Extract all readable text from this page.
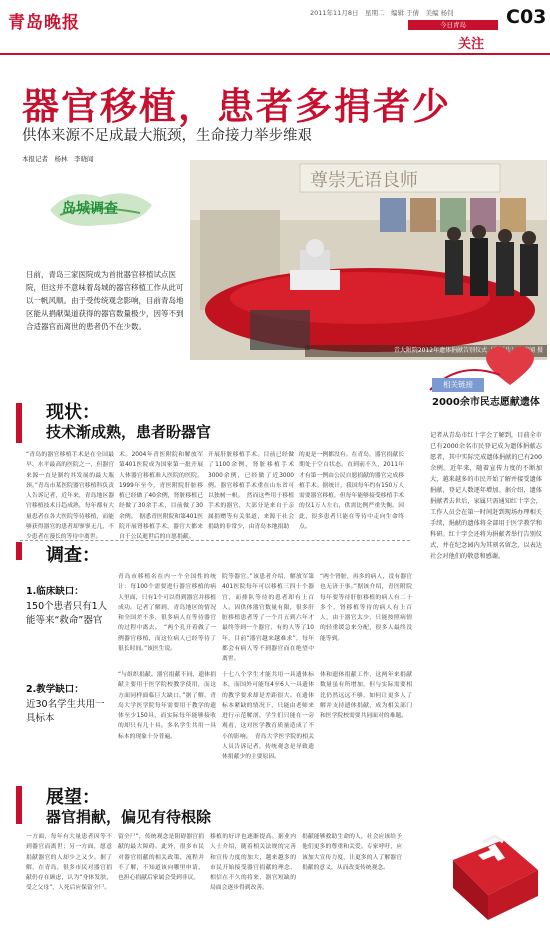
青岛晚报	2011年11月8日　星期二　编辑 于倩　美编 杨钊
今日青岛	C03
关注
器官移植，患者多捐者少
供体来源不足成最大瓶颈，生命接力举步维艰
本报记者　杨林　李晓闻
尊崇无语良师
青大附院2012年遗体捐献告别仪式（资料片）李晓闻 摄
岛城调查
日前，青岛三家医院成为首批器官移植试点医院，但这并不意味着岛城的器官移植工作从此可以一帆风顺。由于受传统观念影响，目前青岛地区能从捐献渠道获得的器官数量极少，因等不到合适器官而离世的患者仍不在少数。
现状：
技术渐成熟，患者盼器官
“青岛的器官移植手术是在全国最早、水平最高的医院之一，但器官来源一直是制约其发展的最大瓶颈。”青岛市某医院器官移植科负责人告诉记者，近年来，青岛地区器官移植技术日趋成熟，每年都有大量患者在各大医院等待移植，而能够获得器官的患者却寥寥无几，不少患者在漫长的等待中离世。
术。2004年青医附院和解放军第401医院成为国家第一批开展人体器官移植准入医院的医院。1999年至今，青医附院肝脏移植已经做了40余例，肾脏移植已经做了30余手术，目前做了30余例。　据悉青医附院和第401医院开展肾移植手术，器官大都来自于公民逝世后的自愿捐献。
开展肝脏移植手术。目前已经做了1100余例，肾脏移植手术3000余例，已经做了近3000例。器官移植手术重在山东省可以独树一帜。　然而这些用于移植手术的器官，大部分是来自于亲属捐赠等有关渠道，来源于社会捐助的非常少，由青岛本地捐助
的更是一例都没有。在青岛，器官捐献长期处于空白状态。直到前不久，2011年才有第一例由公民自愿捐献的器官完成移植手术。据统计，我国每年约有150万人需要器官移植，但每年能够接受移植手术的仅1万人左右，供需比例严重失衡。因此，很多患者只能在等待中走向生命终点。
调查：
1.临床缺口：
150个患者只有1人能等来“救命”器官
2.教学缺口：
近30名学生共用一具标本
青岛市移植名在内一个全国性的统计：每100个需要进行器官移植的病人里面，只有1个可以得到器官并移植成功。记者了解到，青岛地区的情况和全国差不多，很多病人在等待器官的过程中离去。　“两个孔开着做了一例器官移植，而这位病人已经等待了很长时间。”该医生说。
院等器官。”该患者介绍，解放军第401医院每年可以移植三四十个器官，而排队等待的患者却有上百人。因供体器官数量有限，很多肝脏移植患者等了一个月五到六年才最终等到一个器官，有的人等了10年，目前“器官越来越难求”，每年都会有病人等不到器官而在绝望中离世。
“两个肾脏，再多的病人，没有器官也无济于事。”据该介绍，青医附院每年要等待肝脏移植的病人有二十多个，肾移植等待的病人有上百人，由于器官太少，只能按照病情的轻重缓急来分配，很多人最终没能等到。
“与组织捐献、器官捐献不同，遗体捐献主要用于医学院校教学使用，而这方面同样面临巨大缺口。”据了解，青岛大学医学院每年需要用于教学的遗体至少150具，而实际每年能够接收的却只有几十具。多名学生共用一具标本的现象十分普遍。
十七八个学生才能共用一具遗体标本，而国外可能每4至6人一具遗体的教学要求却是差距很大。在遗体标本紧缺的情况下，只能由老师来进行示范解剖，学生们只能在一旁观看，这对医学教育质量造成了不小的影响。　青岛大学医学院的相关人员告诉记者，传统观念是导致遗体捐献少的主要原因。
体和遗体捐献工作，这两年来捐献数量虽有所增加，但与实际需要相比仍然远远不够，如何让更多人了解并支持遗体捐献，成为相关部门和医学院校需要共同面对的难题。
展望：
器官捐献，偏见有待根除
一方面，每年有大量患者因等不到器官而离世；另一方面，愿意捐献器官的人却少之又少。据了解，在青岛，很多市民对器官捐献仍存在顾虑，认为“身体发肤，受之父母”，人死后应保留全尸。
留全尸”，传统观念是阻碍器官捐献的最大障碍。此外，很多市民对器官捐献的相关政策、流程并不了解，不知道该向哪里申请，也担心捐献后家属会受到非议。
移植的好评也逐渐提高。据业内人士介绍，随着相关法规的完善和宣传力度的加大，越来越多的市民开始接受器官捐献的理念，相信在不久的将来，器官短缺的局面会逐步得到改善。
捐献能够救助生命的人，社会应该给予他们更多的尊重和关爱。专家呼吁，应该加大宣传力度，让更多的人了解器官捐献的意义，从而改变传统观念。
相关链接
2000余市民志愿献遗体
记者从青岛市红十字会了解到，目前全市已有2000余名市民登记成为遗体捐献志愿者，其中实际完成遗体捐献的已有200余例。近年来，随着宣传力度的不断加大，越来越多的市民开始了解并接受遗体捐献，登记人数逐年增加。据介绍，遗体捐献者去世后，家属只需通知红十字会，工作人员会在第一时间赶到现场办理相关手续，捐献的遗体将全部用于医学教学和科研。红十字会还将为捐献者举行告别仪式，并在纪念园内为其刻名留念，以表达社会对他们的敬意和感谢。
